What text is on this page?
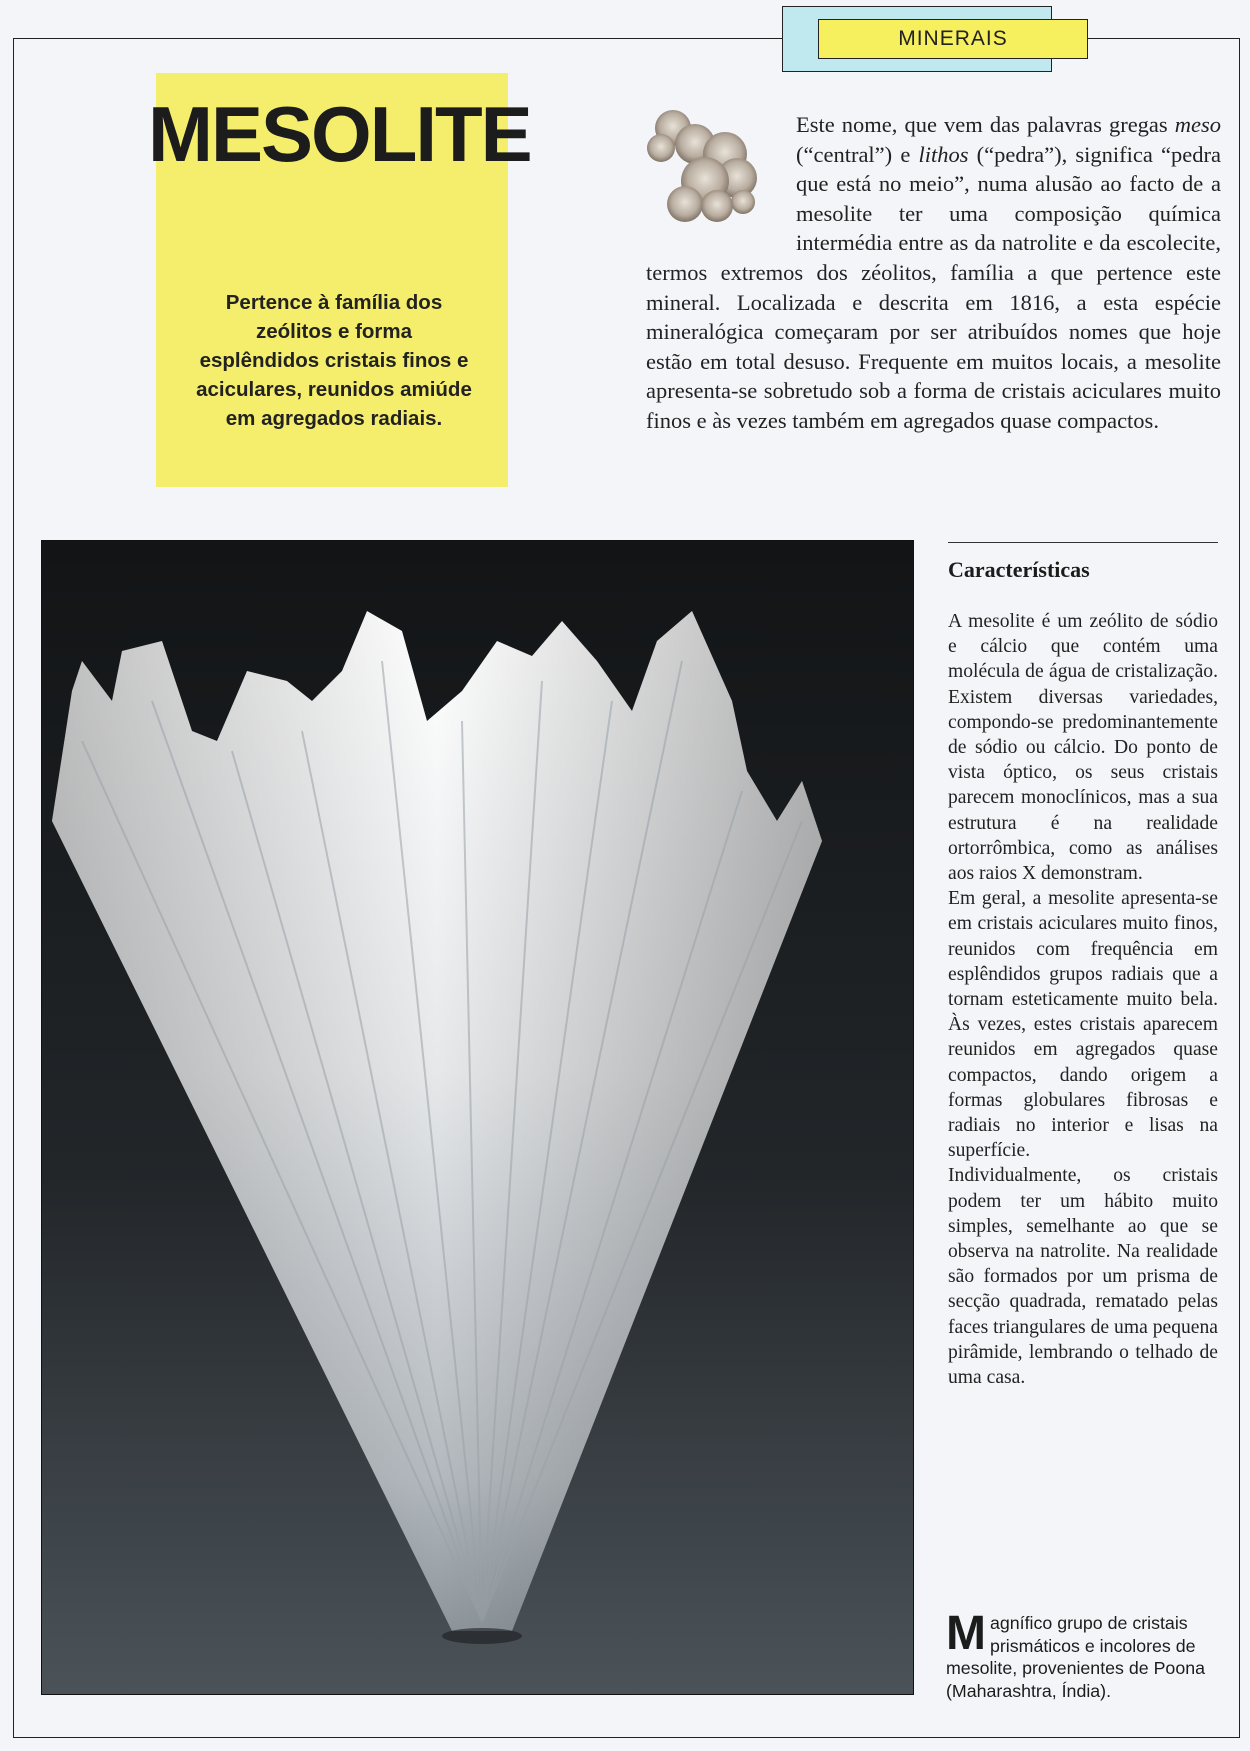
MINERAIS
MESOLITE
Pertence à família dos zeólitos e forma esplêndidos cristais finos e aciculares, reunidos amiúde em agregados radiais.
Este nome, que vem das palavras gregas meso (“central”) e lithos (“pedra”), significa “pedra que está no meio”, numa alusão ao facto de a mesolite ter uma composição química intermédia entre as da natrolite e da escolecite, termos extremos dos zéolitos, família a que pertence este mineral. Localizada e descrita em 1816, a esta espécie mineralógica começaram por ser atribuídos nomes que hoje estão em total desuso. Frequente em muitos locais, a mesolite apresenta-se sobretudo sob a forma de cristais aciculares muito finos e às vezes também em agregados quase compactos.
Características

A mesolite é um zeólito de sódio e cálcio que contém uma molécula de água de cristalização. Existem diversas variedades, compondo-se predominantemente de sódio ou cálcio. Do ponto de vista óptico, os seus cristais parecem monoclínicos, mas a sua estrutura é na realidade ortorrômbica, como as análises aos raios X demonstram.

Em geral, a mesolite apresenta-se em cristais aciculares muito finos, reunidos com frequência em esplêndidos grupos radiais que a tornam esteticamente muito bela. Às vezes, estes cristais aparecem reunidos em agregados quase compactos, dando origem a formas globulares fibrosas e radiais no interior e lisas na superfície.

Individualmente, os cristais podem ter um hábito muito simples, semelhante ao que se observa na natrolite. Na realidade são formados por um prisma de secção quadrada, rematado pelas faces triangulares de uma pequena pirâmide, lembrando o telhado de uma casa.

Magnífico grupo de cristais prismáticos e incolores de mesolite, provenientes de Poona (Maharashtra, Índia).
